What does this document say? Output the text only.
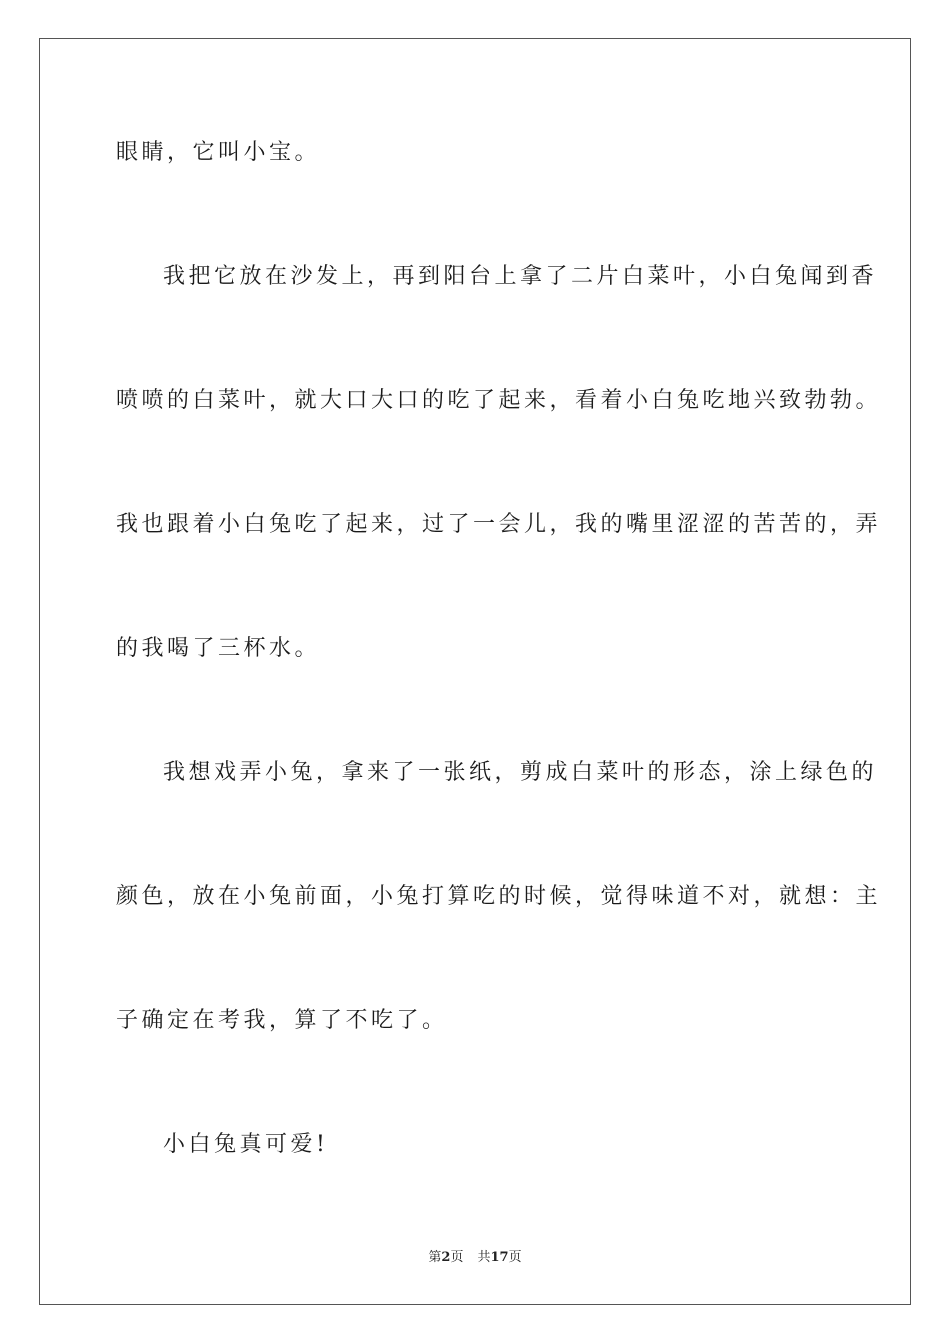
眼睛，它叫小宝。
我把它放在沙发上，再到阳台上拿了二片白菜叶，小白兔闻到香
喷喷的白菜叶，就大口大口的吃了起来，看着小白兔吃地兴致勃勃。
我也跟着小白兔吃了起来，过了一会儿，我的嘴里涩涩的苦苦的，弄
的我喝了三杯水。
我想戏弄小兔，拿来了一张纸，剪成白菜叶的形态，涂上绿色的
颜色，放在小兔前面，小兔打算吃的时候，觉得味道不对，就想：主
子确定在考我，算了不吃了。
小白兔真可爱!
第2页 共17页
